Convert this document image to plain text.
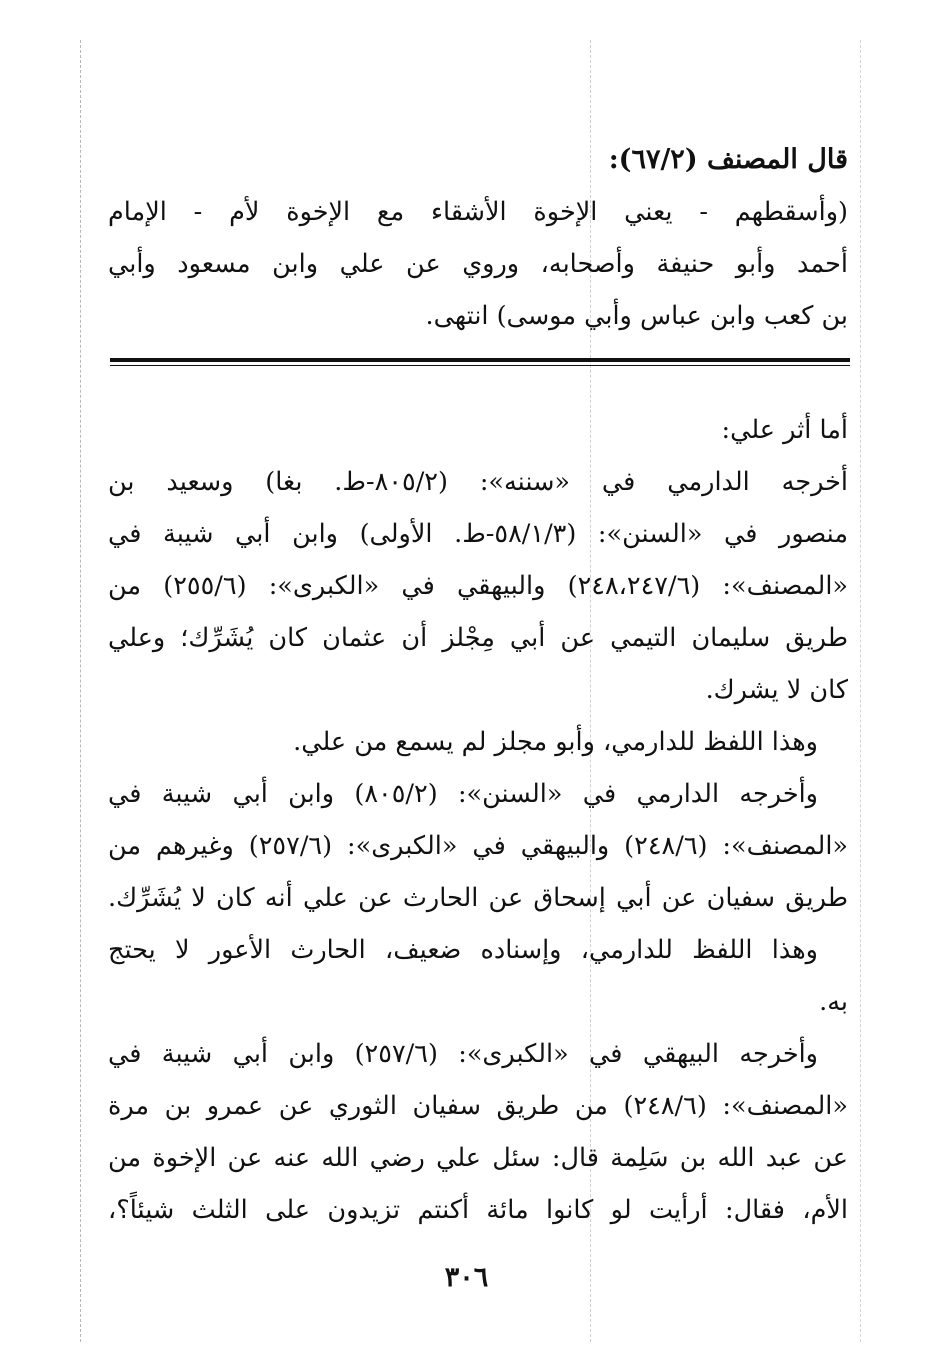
قال المصنف (٦٧/٢):
(وأسقطهم - يعني الإخوة الأشقاء مع الإخوة لأم - الإمام
أحمد وأبو حنيفة وأصحابه، وروي عن علي وابن مسعود وأبي
بن كعب وابن عباس وأبي موسى) انتهى.
أما أثر علي:
أخرجه الدارمي في «سننه»: (٨٠٥/٢-ط. بغا) وسعيد بن
منصور في «السنن»: (٥٨/١/٣-ط. الأولى) وابن أبي شيبة في
«المصنف»: (٢٤٨،٢٤٧/٦) والبيهقي في «الكبرى»: (٢٥٥/٦) من
طريق سليمان التيمي عن أبي مِجْلز أن عثمان كان يُشَرِّك؛ وعلي
كان لا يشرك.
وهذا اللفظ للدارمي، وأبو مجلز لم يسمع من علي.
وأخرجه الدارمي في «السنن»: (٨٠٥/٢) وابن أبي شيبة في
«المصنف»: (٢٤٨/٦) والبيهقي في «الكبرى»: (٢٥٧/٦) وغيرهم من
طريق سفيان عن أبي إسحاق عن الحارث عن علي أنه كان لا يُشَرِّك.
وهذا اللفظ للدارمي، وإسناده ضعيف، الحارث الأعور لا يحتج
به.
وأخرجه البيهقي في «الكبرى»: (٢٥٧/٦) وابن أبي شيبة في
«المصنف»: (٢٤٨/٦) من طريق سفيان الثوري عن عمرو بن مرة
عن عبد الله بن سَلِمة قال: سئل علي رضي الله عنه عن الإخوة من
الأم، فقال: أرأيت لو كانوا مائة أكنتم تزيدون على الثلث شيئاً؟،
٣٠٦
